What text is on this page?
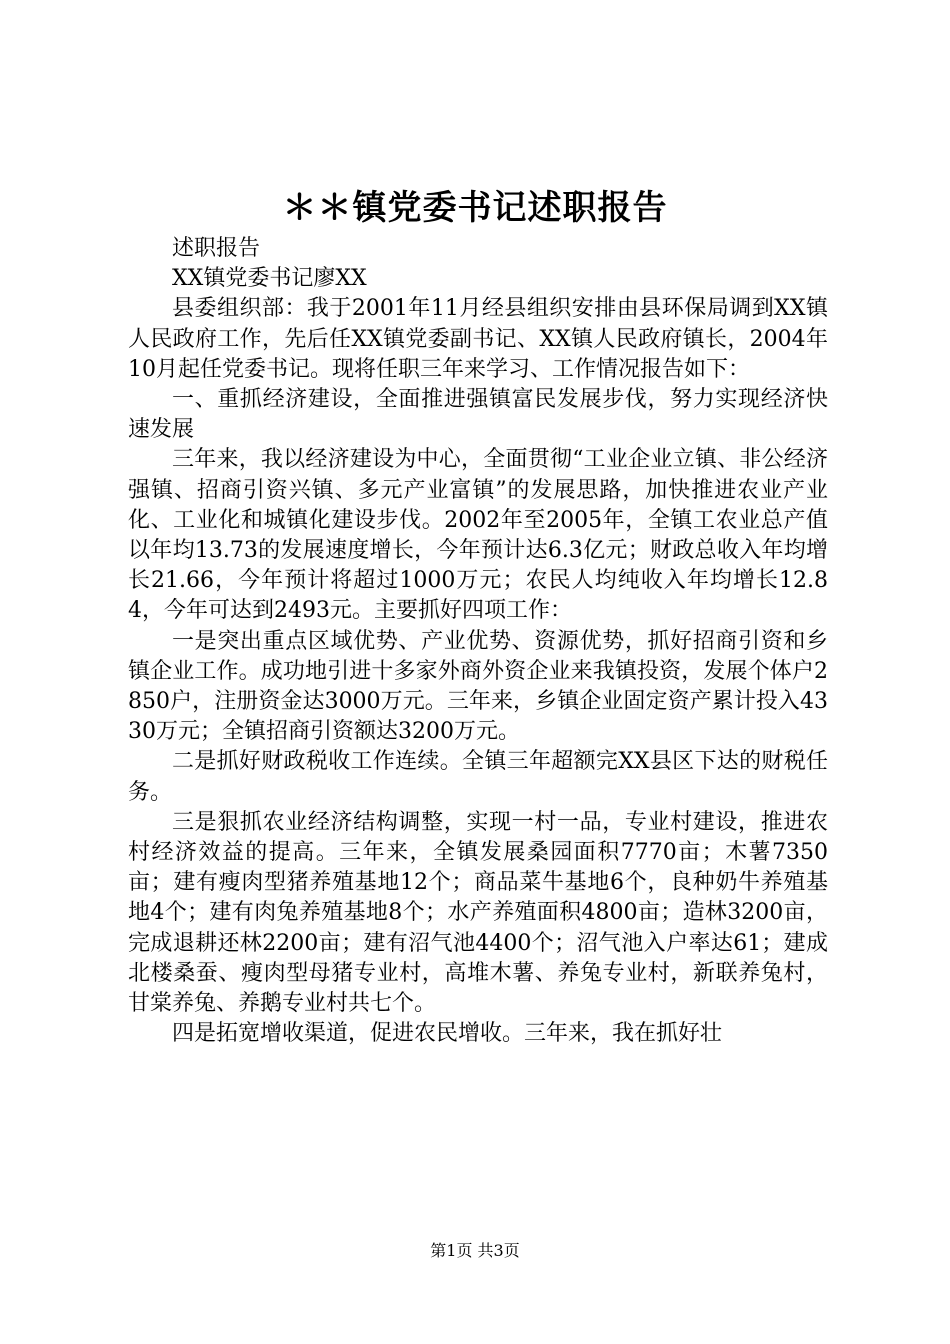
＊＊镇党委书记述职报告

述职报告

XX镇党委书记廖XX

县委组织部：我于2001年11月经县组织安排由县环保局调到XX镇人民政府工作，先后任XX镇党委副书记、XX镇人民政府镇长，2004年10月起任党委书记。现将任职三年来学习、工作情况报告如下：

一、重抓经济建设，全面推进强镇富民发展步伐，努力实现经济快速发展

三年来，我以经济建设为中心，全面贯彻“工业企业立镇、非公经济强镇、招商引资兴镇、多元产业富镇”的发展思路，加快推进农业产业化、工业化和城镇化建设步伐。2002年至2005年，全镇工农业总产值以年均13.73的发展速度增长，今年预计达6.3亿元；财政总收入年均增长21.66，今年预计将超过1000万元；农民人均纯收入年均增长12.84，今年可达到2493元。主要抓好四项工作：

一是突出重点区域优势、产业优势、资源优势，抓好招商引资和乡镇企业工作。成功地引进十多家外商外资企业来我镇投资，发展个体户2850户，注册资金达3000万元。三年来，乡镇企业固定资产累计投入4330万元；全镇招商引资额达3200万元。

二是抓好财政税收工作连续。全镇三年超额完XX县区下达的财税任务。

三是狠抓农业经济结构调整，实现一村一品，专业村建设，推进农村经济效益的提高。三年来，全镇发展桑园面积7770亩；木薯7350亩；建有瘦肉型猪养殖基地12个；商品菜牛基地6个，良种奶牛养殖基地4个；建有肉兔养殖基地8个；水产养殖面积4800亩；造林3200亩，完成退耕还林2200亩；建有沼气池4400个；沼气池入户率达61；建成北楼桑蚕、瘦肉型母猪专业村，高堆木薯、养兔专业村，新联养兔村，甘棠养兔、养鹅专业村共七个。

四是拓宽增收渠道，促进农民增收。三年来，我在抓好壮

第1页 共3页
